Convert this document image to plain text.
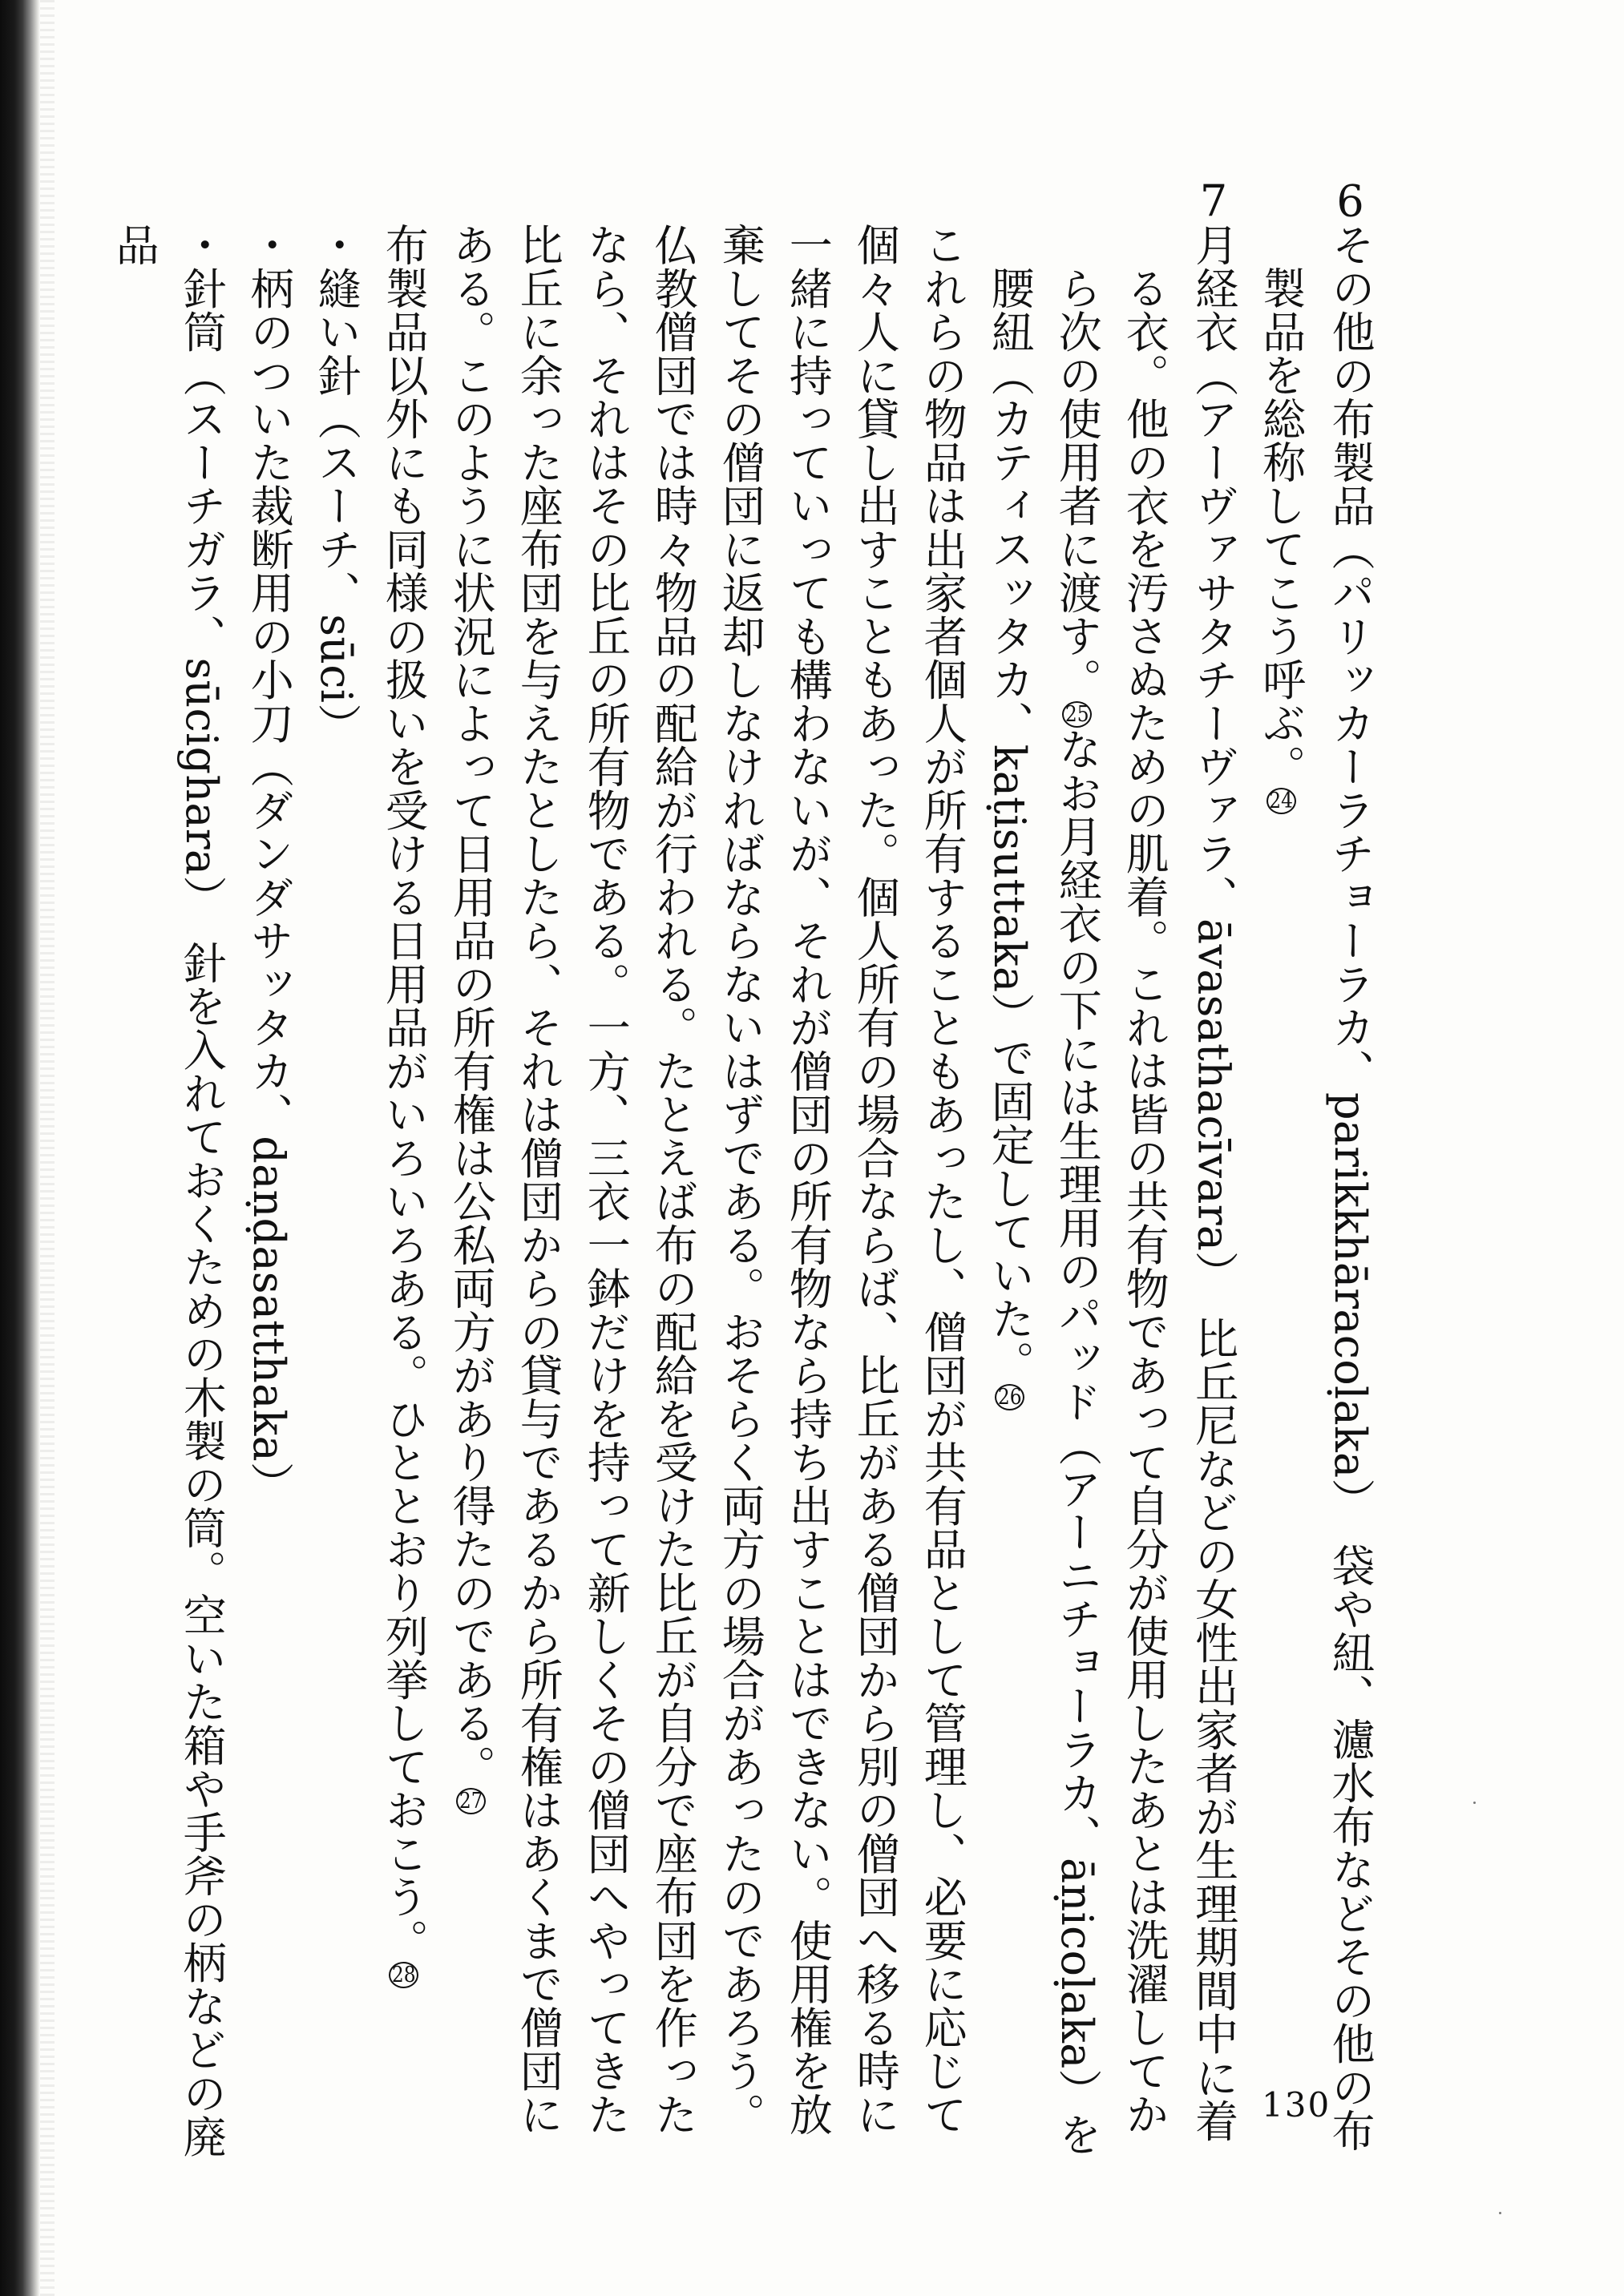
6その他の布製品（パリッカーラチョーラカ、parikkhāracoḷaka）　袋や紐、濾水布などその他の布製品を総称してこう呼ぶ。$^{24}$

7月経衣（アーヴァサタチーヴァラ、āvasathacīvara）　比丘尼などの女性出家者が生理期間中に着る衣。他の衣を汚さぬための肌着。これは皆の共有物であって自分が使用したあとは洗濯してから次の使用者に渡す。$^{25}$なお月経衣の下には生理用のパッド（アーニチョーラカ、āṇicoḷaka）を腰紐（カティスッタカ、kaṭisuttaka）で固定していた。$^{26}$

これらの物品は出家者個人が所有することもあったし、僧団が共有品として管理し、必要に応じて個々人に貸し出すこともあった。個人所有の場合ならば、比丘がある僧団から別の僧団へ移る時に一緒に持っていっても構わないが、それが僧団の所有物なら持ち出すことはできない。使用権を放棄してその僧団に返却しなければならないはずである。おそらく両方の場合があったのであろう。

仏教僧団では時々物品の配給が行われる。たとえば布の配給を受けた比丘が自分で座布団を作ったなら、それはその比丘の所有物である。一方、三衣一鉢だけを持って新しくその僧団へやってきた比丘に余った座布団を与えたとしたら、それは僧団からの貸与であるから所有権はあくまで僧団にある。このように状況によって日用品の所有権は公私両方があり得たのである。$^{27}$

布製品以外にも同様の扱いを受ける日用品がいろいろある。ひととおり列挙しておこう。$^{28}$

・縫い針（スーチ、sūci）

・柄のついた裁断用の小刀（ダンダサッタカ、daṇḍasatthaka）

・針筒（スーチガラ、sūcighara）　針を入れておくための木製の筒。空いた箱や手斧の柄などの廃品

130
